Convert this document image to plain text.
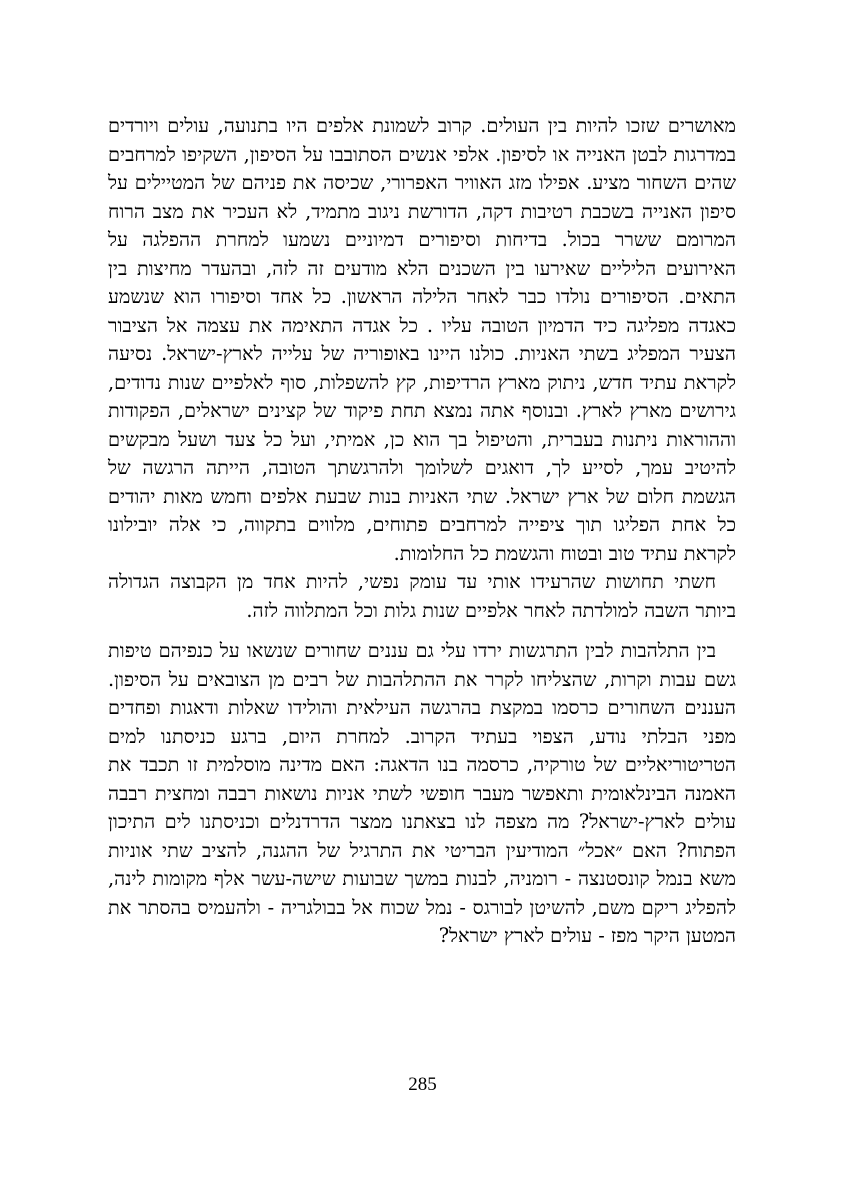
מאושרים שזכו להיות בין העולים. קרוב לשמונת אלפים היו בתנועה, עולים ויורדים במדרגות לבטן האנייה או לסיפון. אלפי אנשים הסתובבו על הסיפון, השקיפו למרחבים שהים השחור מציע. אפילו מזג האוויר האפרורי, שכיסה את פניהם של המטיילים על סיפון האנייה בשכבת רטיבות דקה, הדורשת ניגוב מתמיד, לא העכיר את מצב הרוח המרומם ששרר בכול. בדיחות וסיפורים דמיוניים נשמעו למחרת ההפלגה על האירועים הליליים שאירעו בין השכנים הלא מודעים זה לזה, ובהעדר מחיצות בין התאים. הסיפורים נולדו כבר לאחר הלילה הראשון. כל אחד וסיפורו הוא שנשמע כאגדה מפליגה כיד הדמיון הטובה עליו . כל אגדה התאימה את עצמה אל הציבור הצעיר המפליג בשתי האניות. כולנו היינו באופוריה של עלייה לארץ-ישראל. נסיעה לקראת עתיד חדש, ניתוק מארץ הרדיפות, קץ להשפלות, סוף לאלפיים שנות נדודים, גירושים מארץ לארץ. ובנוסף אתה נמצא תחת פיקוד של קצינים ישראלים, הפקודות וההוראות ניתנות בעברית, והטיפול בך הוא כן, אמיתי, ועל כל צעד ושעל מבקשים להיטיב עמך, לסייע לך, דואגים לשלומך ולהרגשתך הטובה, הייתה הרגשה של הגשמת חלום של ארץ ישראל. שתי האניות בנות שבעת אלפים וחמש מאות יהודים כל אחת הפליגו תוך ציפייה למרחבים פתוחים, מלווים בתקווה, כי אלה יובילונו לקראת עתיד טוב ובטוח והגשמת כל החלומות.

חשתי תחושות שהרעידו אותי עד עומק נפשי, להיות אחד מן הקבוצה הגדולה ביותר השבה למולדתה לאחר אלפיים שנות גלות וכל המתלווה לזה.

בין התלהבות לבין התרגשות ירדו עלי גם עננים שחורים שנשאו על כנפיהם טיפות גשם עבות וקרות, שהצליחו לקרר את ההתלהבות של רבים מן הצובאים על הסיפון. העננים השחורים כרסמו במקצת בהרגשה העילאית והולידו שאלות ודאגות ופחדים מפני הבלתי נודע, הצפוי בעתיד הקרוב. למחרת היום, ברגע כניסתנו למים הטריטוריאליים של טורקיה, כרסמה בנו הדאגה: האם מדינה מוסלמית זו תכבד את האמנה הבינלאומית ותאפשר מעבר חופשי לשתי אניות נושאות רבבה ומחצית רבבה עולים לארץ-ישראל? מה מצפה לנו בצאתנו ממצר הדרדנלים וכניסתנו לים התיכון הפתוח? האם ״אכל״ המודיעין הבריטי את התרגיל של ההגנה, להציב שתי אוניות משא בנמל קונסטנצה - רומניה, לבנות במשך שבועות שישה-עשר אלף מקומות לינה, להפליג ריקם משם, להשיטן לבורגס - נמל שכוח אל בבולגריה - ולהעמיס בהסתר את המטען היקר מפז - עולים לארץ ישראל?

285
